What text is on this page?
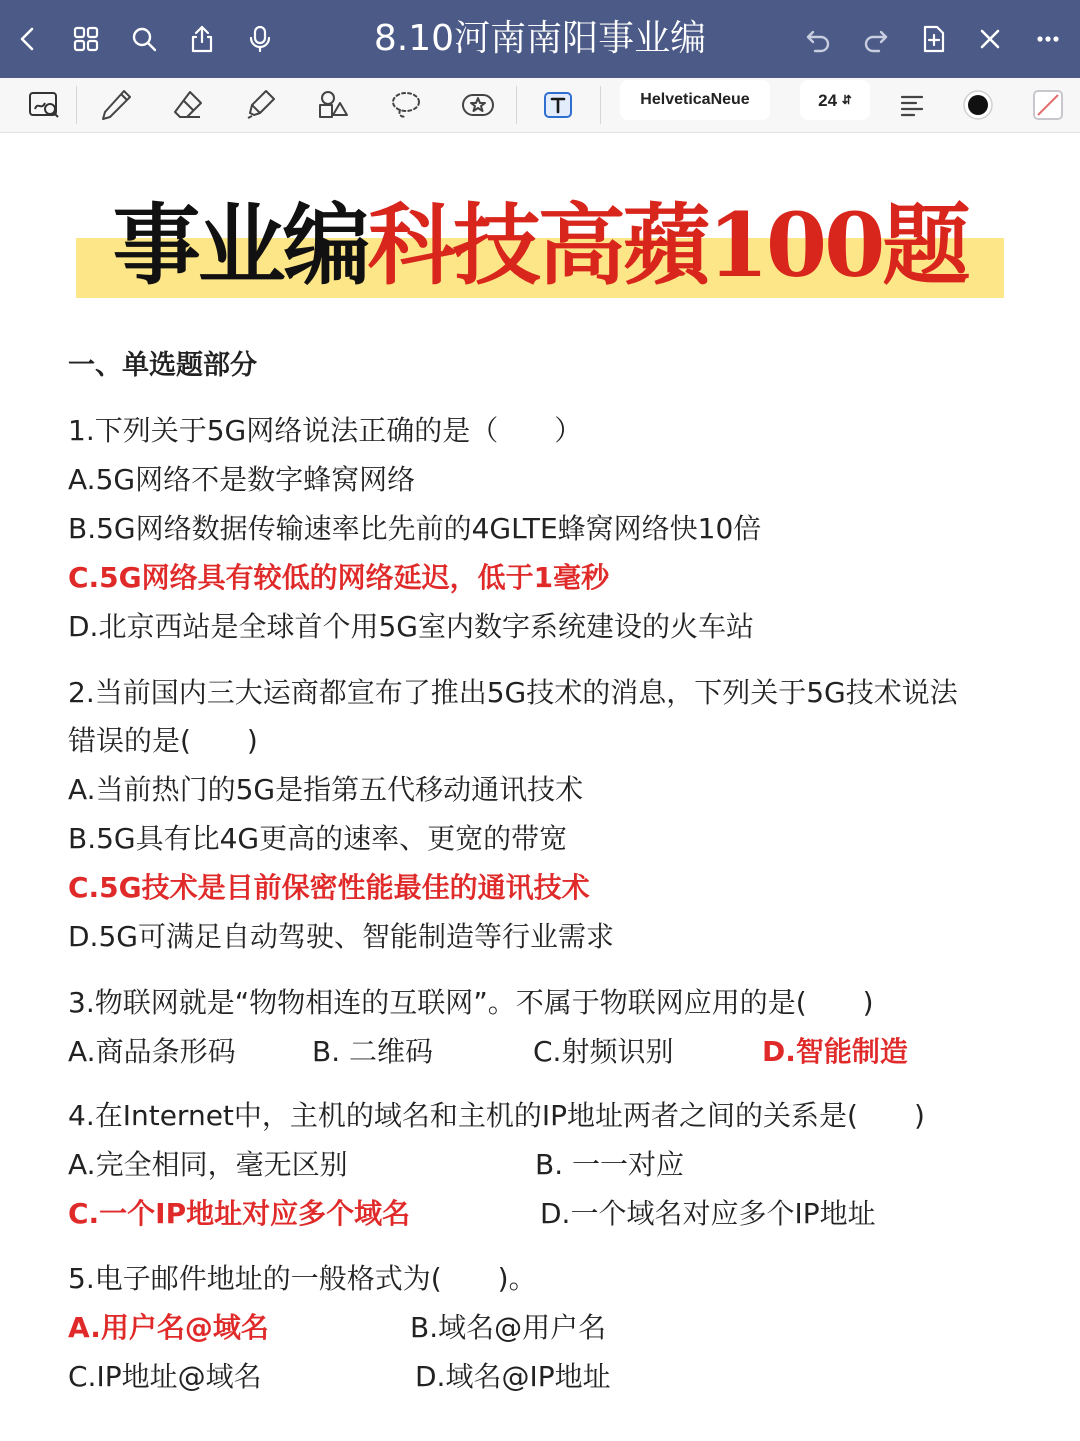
8.10河南南阳事业编
HelveticaNeue	24 ⇵
事业编科技高蘋100题
一、单选题部分
1.下列关于5G网络说法正确的是（　　）
A.5G网络不是数字蜂窝网络
B.5G网络数据传输速率比先前的4GLTE蜂窝网络快10倍
C.5G网络具有较低的网络延迟，低于1毫秒
D.北京西站是全球首个用5G室内数字系统建设的火车站
2.当前国内三大运商都宣布了推出5G技术的消息，下列关于5G技术说法
错误的是(　　)
A.当前热门的5G是指第五代移动通讯技术
B.5G具有比4G更高的速率、更宽的带宽
C.5G技术是目前保密性能最佳的通讯技术
D.5G可满足自动驾驶、智能制造等行业需求
3.物联网就是“物物相连的互联网”。不属于物联网应用的是(　　)
A.商品条形码	B. 二维码	C.射频识别	D.智能制造
4.在Internet中，主机的域名和主机的IP地址两者之间的关系是(　　)
A.完全相同，毫无区别	B. 一一对应
C.一个IP地址对应多个域名	D.一个域名对应多个IP地址
5.电子邮件地址的一般格式为(　　)。
A.用户名@域名	B.域名@用户名
C.IP地址@域名	D.域名@IP地址
